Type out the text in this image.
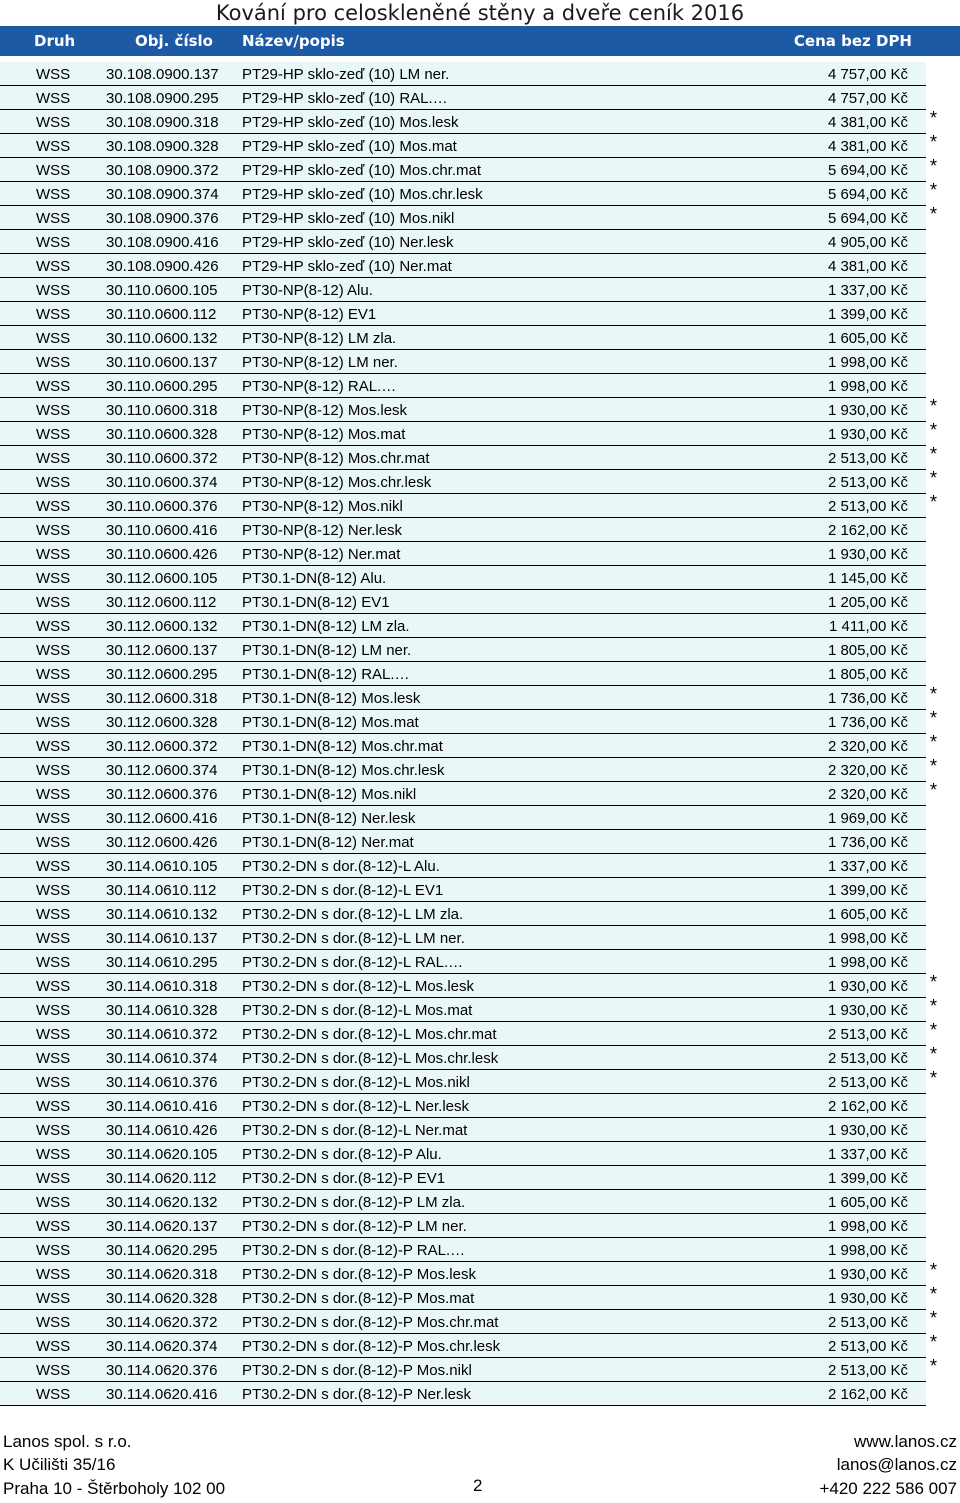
Kování pro celoskleněné stěny a dveře ceník 2016
Druh	Obj. číslo Název/popis	Cena bez DPH
WSS 30.108.0900.137 PT29-HP sklo-zeď (10) LM ner.	4 757,00 Kč
WSS 30.108.0900.295 PT29-HP sklo-zeď (10) RAL.…	4 757,00 Kč
WSS 30.108.0900.318 PT29-HP sklo-zeď (10) Mos.lesk	4 381,00 Kč *
WSS 30.108.0900.328 PT29-HP sklo-zeď (10) Mos.mat	4 381,00 Kč *
WSS 30.108.0900.372 PT29-HP sklo-zeď (10) Mos.chr.mat	5 694,00 Kč *
WSS 30.108.0900.374 PT29-HP sklo-zeď (10) Mos.chr.lesk	5 694,00 Kč *
WSS 30.108.0900.376 PT29-HP sklo-zeď (10) Mos.nikl	5 694,00 Kč *
WSS 30.108.0900.416 PT29-HP sklo-zeď (10) Ner.lesk	4 905,00 Kč
WSS 30.108.0900.426 PT29-HP sklo-zeď (10) Ner.mat	4 381,00 Kč
WSS 30.110.0600.105 PT30-NP(8-12) Alu.	1 337,00 Kč
WSS 30.110.0600.112 PT30-NP(8-12) EV1	1 399,00 Kč
WSS 30.110.0600.132 PT30-NP(8-12) LM zla.	1 605,00 Kč
WSS 30.110.0600.137 PT30-NP(8-12) LM ner.	1 998,00 Kč
WSS 30.110.0600.295 PT30-NP(8-12) RAL.…	1 998,00 Kč
WSS 30.110.0600.318 PT30-NP(8-12) Mos.lesk	1 930,00 Kč *
WSS 30.110.0600.328 PT30-NP(8-12) Mos.mat	1 930,00 Kč *
WSS 30.110.0600.372 PT30-NP(8-12) Mos.chr.mat	2 513,00 Kč *
WSS 30.110.0600.374 PT30-NP(8-12) Mos.chr.lesk	2 513,00 Kč *
WSS 30.110.0600.376 PT30-NP(8-12) Mos.nikl	2 513,00 Kč *
WSS 30.110.0600.416 PT30-NP(8-12) Ner.lesk	2 162,00 Kč
WSS 30.110.0600.426 PT30-NP(8-12) Ner.mat	1 930,00 Kč
WSS 30.112.0600.105 PT30.1-DN(8-12) Alu.	1 145,00 Kč
WSS 30.112.0600.112 PT30.1-DN(8-12) EV1	1 205,00 Kč
WSS 30.112.0600.132 PT30.1-DN(8-12) LM zla.	1 411,00 Kč
WSS 30.112.0600.137 PT30.1-DN(8-12) LM ner.	1 805,00 Kč
WSS 30.112.0600.295 PT30.1-DN(8-12) RAL.…	1 805,00 Kč
WSS 30.112.0600.318 PT30.1-DN(8-12) Mos.lesk	1 736,00 Kč *
WSS 30.112.0600.328 PT30.1-DN(8-12) Mos.mat	1 736,00 Kč *
WSS 30.112.0600.372 PT30.1-DN(8-12) Mos.chr.mat	2 320,00 Kč *
WSS 30.112.0600.374 PT30.1-DN(8-12) Mos.chr.lesk	2 320,00 Kč *
WSS 30.112.0600.376 PT30.1-DN(8-12) Mos.nikl	2 320,00 Kč *
WSS 30.112.0600.416 PT30.1-DN(8-12) Ner.lesk	1 969,00 Kč
WSS 30.112.0600.426 PT30.1-DN(8-12) Ner.mat	1 736,00 Kč
WSS 30.114.0610.105 PT30.2-DN s dor.(8-12)-L Alu.	1 337,00 Kč
WSS 30.114.0610.112 PT30.2-DN s dor.(8-12)-L EV1	1 399,00 Kč
WSS 30.114.0610.132 PT30.2-DN s dor.(8-12)-L LM zla.	1 605,00 Kč
WSS 30.114.0610.137 PT30.2-DN s dor.(8-12)-L LM ner.	1 998,00 Kč
WSS 30.114.0610.295 PT30.2-DN s dor.(8-12)-L RAL.…	1 998,00 Kč
WSS 30.114.0610.318 PT30.2-DN s dor.(8-12)-L Mos.lesk	1 930,00 Kč *
WSS 30.114.0610.328 PT30.2-DN s dor.(8-12)-L Mos.mat	1 930,00 Kč *
WSS 30.114.0610.372 PT30.2-DN s dor.(8-12)-L Mos.chr.mat	2 513,00 Kč *
WSS 30.114.0610.374 PT30.2-DN s dor.(8-12)-L Mos.chr.lesk	2 513,00 Kč *
WSS 30.114.0610.376 PT30.2-DN s dor.(8-12)-L Mos.nikl	2 513,00 Kč *
WSS 30.114.0610.416 PT30.2-DN s dor.(8-12)-L Ner.lesk	2 162,00 Kč
WSS 30.114.0610.426 PT30.2-DN s dor.(8-12)-L Ner.mat	1 930,00 Kč
WSS 30.114.0620.105 PT30.2-DN s dor.(8-12)-P Alu.	1 337,00 Kč
WSS 30.114.0620.112 PT30.2-DN s dor.(8-12)-P EV1	1 399,00 Kč
WSS 30.114.0620.132 PT30.2-DN s dor.(8-12)-P LM zla.	1 605,00 Kč
WSS 30.114.0620.137 PT30.2-DN s dor.(8-12)-P LM ner.	1 998,00 Kč
WSS 30.114.0620.295 PT30.2-DN s dor.(8-12)-P RAL.…	1 998,00 Kč
WSS 30.114.0620.318 PT30.2-DN s dor.(8-12)-P Mos.lesk	1 930,00 Kč *
WSS 30.114.0620.328 PT30.2-DN s dor.(8-12)-P Mos.mat	1 930,00 Kč *
WSS 30.114.0620.372 PT30.2-DN s dor.(8-12)-P Mos.chr.mat	2 513,00 Kč *
WSS 30.114.0620.374 PT30.2-DN s dor.(8-12)-P Mos.chr.lesk	2 513,00 Kč *
WSS 30.114.0620.376 PT30.2-DN s dor.(8-12)-P Mos.nikl	2 513,00 Kč *
WSS 30.114.0620.416 PT30.2-DN s dor.(8-12)-P Ner.lesk	2 162,00 Kč
Lanos spol. s r.o.
K Učilišti 35/16
Praha 10 - Štěrboholy 102 00	2
www.lanos.cz
lanos@lanos.cz
+420 222 586 007
